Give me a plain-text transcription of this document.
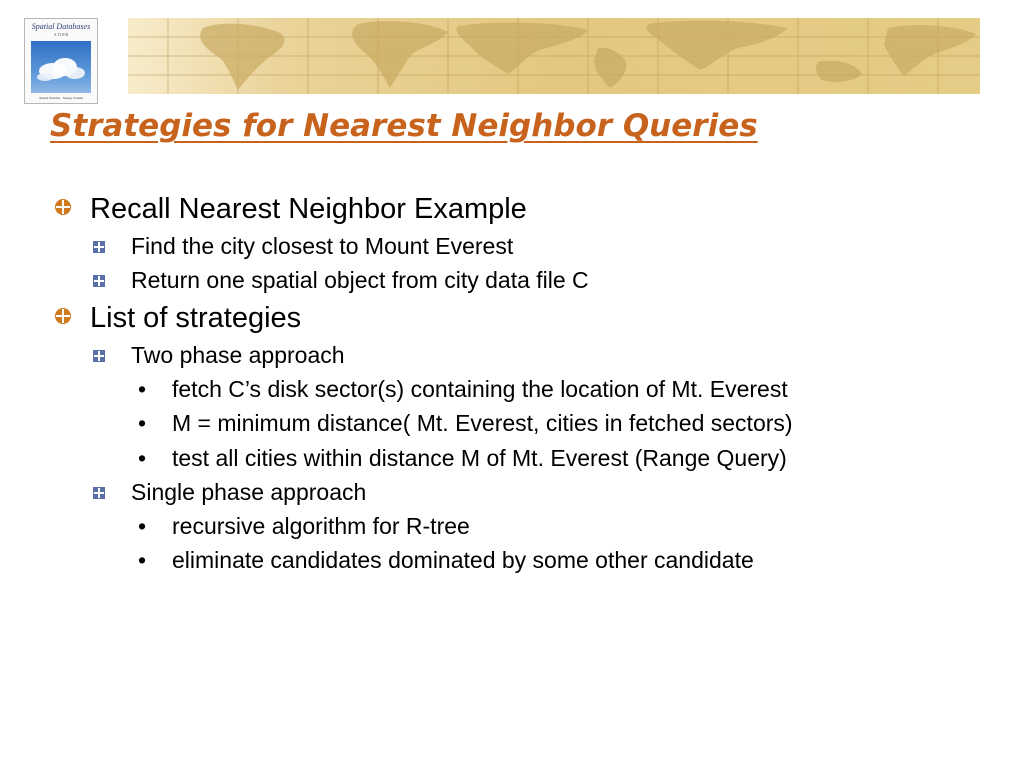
Spatial Databases
A TOUR
Shashi Shekhar · Sanjay Chawla
Strategies for Nearest Neighbor Queries
Recall Nearest Neighbor Example
Find the city closest to Mount Everest
Return one spatial object from city data file C
List of strategies
Two phase approach
• fetch C’s disk sector(s) containing the location of Mt. Everest
• M = minimum distance( Mt. Everest, cities in fetched sectors)
• test all cities within distance M of Mt. Everest (Range Query)
Single phase approach
• recursive algorithm for R-tree
• eliminate candidates dominated by some other candidate
